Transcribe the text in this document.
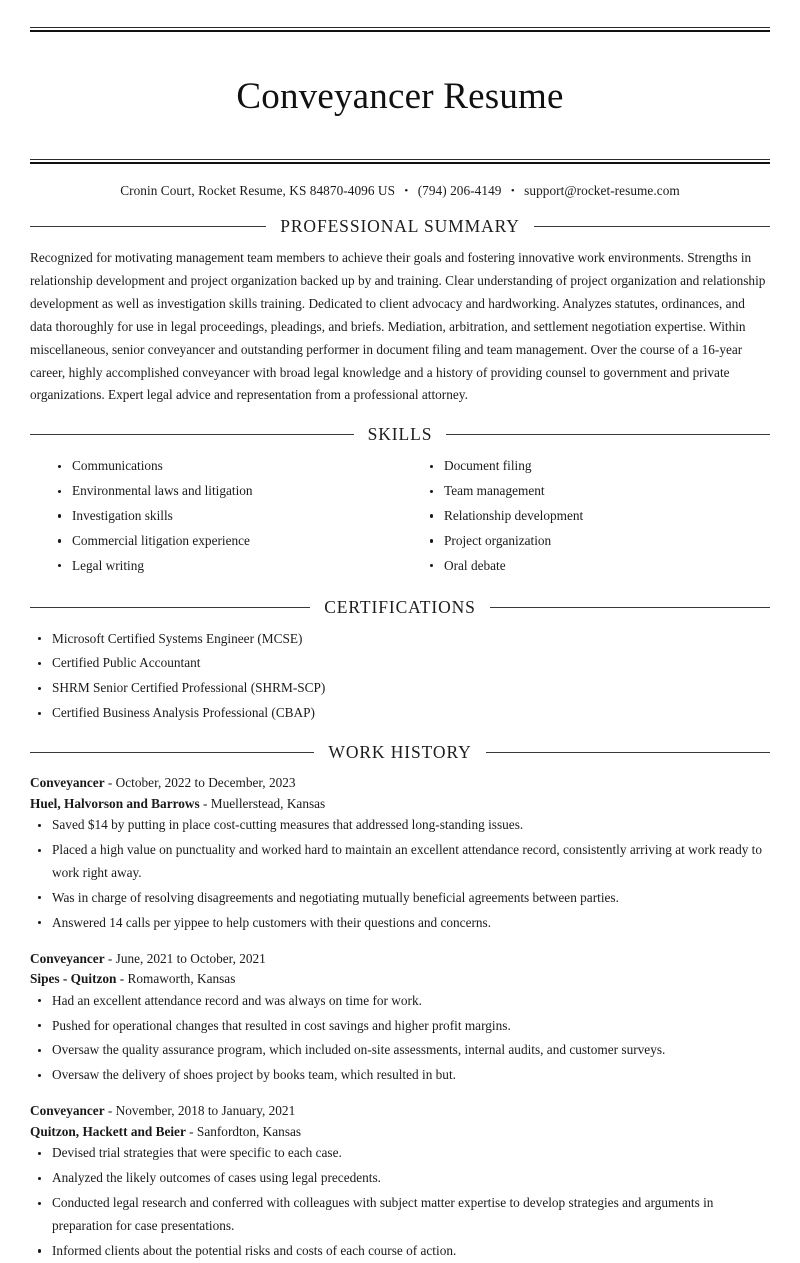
Conveyancer Resume
Cronin Court, Rocket Resume, KS 84870-4096 US • (794) 206-4149 • support@rocket-resume.com
PROFESSIONAL SUMMARY

Recognized for motivating management team members to achieve their goals and fostering innovative work environments. Strengths in relationship development and project organization backed up by and training. Clear understanding of project organization and relationship development as well as investigation skills training. Dedicated to client advocacy and hardworking. Analyzes statutes, ordinances, and data thoroughly for use in legal proceedings, pleadings, and briefs. Mediation, arbitration, and settlement negotiation expertise. Within miscellaneous, senior conveyancer and outstanding performer in document filing and team management. Over the course of a 16-year career, highly accomplished conveyancer with broad legal knowledge and a history of providing counsel to government and private organizations. Expert legal advice and representation from a professional attorney.

SKILLS
Communications
Environmental laws and litigation
Investigation skills
Commercial litigation experience
Legal writing
Document filing
Team management
Relationship development
Project organization
Oral debate
CERTIFICATIONS
Microsoft Certified Systems Engineer (MCSE)
Certified Public Accountant
SHRM Senior Certified Professional (SHRM-SCP)
Certified Business Analysis Professional (CBAP)
WORK HISTORY
Conveyancer - October, 2022 to December, 2023
Huel, Halvorson and Barrows - Muellerstead, Kansas
Saved $14 by putting in place cost-cutting measures that addressed long-standing issues.
Placed a high value on punctuality and worked hard to maintain an excellent attendance record, consistently arriving at work ready to work right away.
Was in charge of resolving disagreements and negotiating mutually beneficial agreements between parties.
Answered 14 calls per yippee to help customers with their questions and concerns.
Conveyancer - June, 2021 to October, 2021
Sipes - Quitzon - Romaworth, Kansas
Had an excellent attendance record and was always on time for work.
Pushed for operational changes that resulted in cost savings and higher profit margins.
Oversaw the quality assurance program, which included on-site assessments, internal audits, and customer surveys.
Oversaw the delivery of shoes project by books team, which resulted in but.
Conveyancer - November, 2018 to January, 2021
Quitzon, Hackett and Beier - Sanfordton, Kansas
Devised trial strategies that were specific to each case.
Analyzed the likely outcomes of cases using legal precedents.
Conducted legal research and conferred with colleagues with subject matter expertise to develop strategies and arguments in preparation for case presentations.
Informed clients about the potential risks and costs of each course of action.
